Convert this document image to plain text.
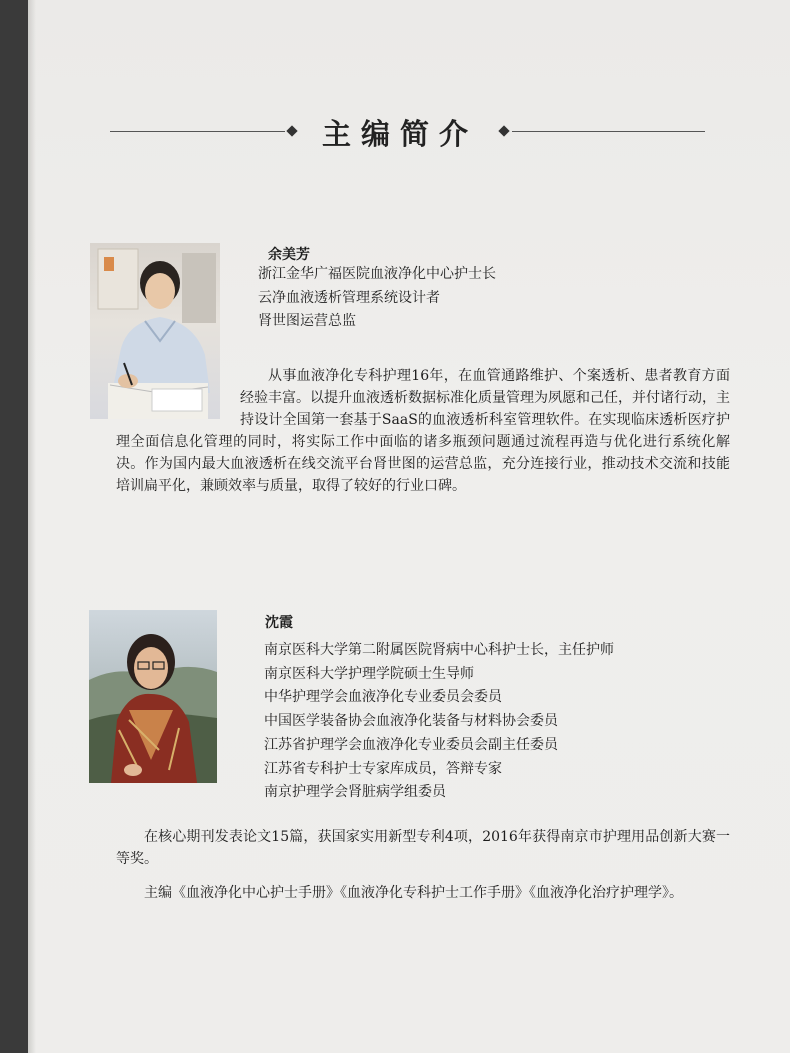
主编简介
余美芳
浙江金华广福医院血液净化中心护士长
云净血液透析管理系统设计者
肾世图运营总监

从事血液净化专科护理16年，在血管通路维护、个案透析、患者教育方面经验丰富。以提升血液透析数据标准化质量管理为夙愿和己任，并付诸行动，主持设计全国第一套基于SaaS的血液透析科室管理软件。在实现临床透析医疗护理全面信息化管理的同时，将实际工作中面临的诸多瓶颈问题通过流程再造与优化进行系统化解决。作为国内最大血液透析在线交流平台肾世图的运营总监，充分连接行业，推动技术交流和技能培训扁平化，兼顾效率与质量，取得了较好的行业口碑。

沈霞
南京医科大学第二附属医院肾病中心科护士长，主任护师
南京医科大学护理学院硕士生导师
中华护理学会血液净化专业委员会委员
中国医学装备协会血液净化装备与材料协会委员
江苏省护理学会血液净化专业委员会副主任委员
江苏省专科护士专家库成员，答辩专家
南京护理学会肾脏病学组委员

在核心期刊发表论文15篇，获国家实用新型专利4项，2016年获得南京市护理用品创新大赛一等奖。

主编《血液净化中心护士手册》《血液净化专科护士工作手册》《血液净化治疗护理学》。
